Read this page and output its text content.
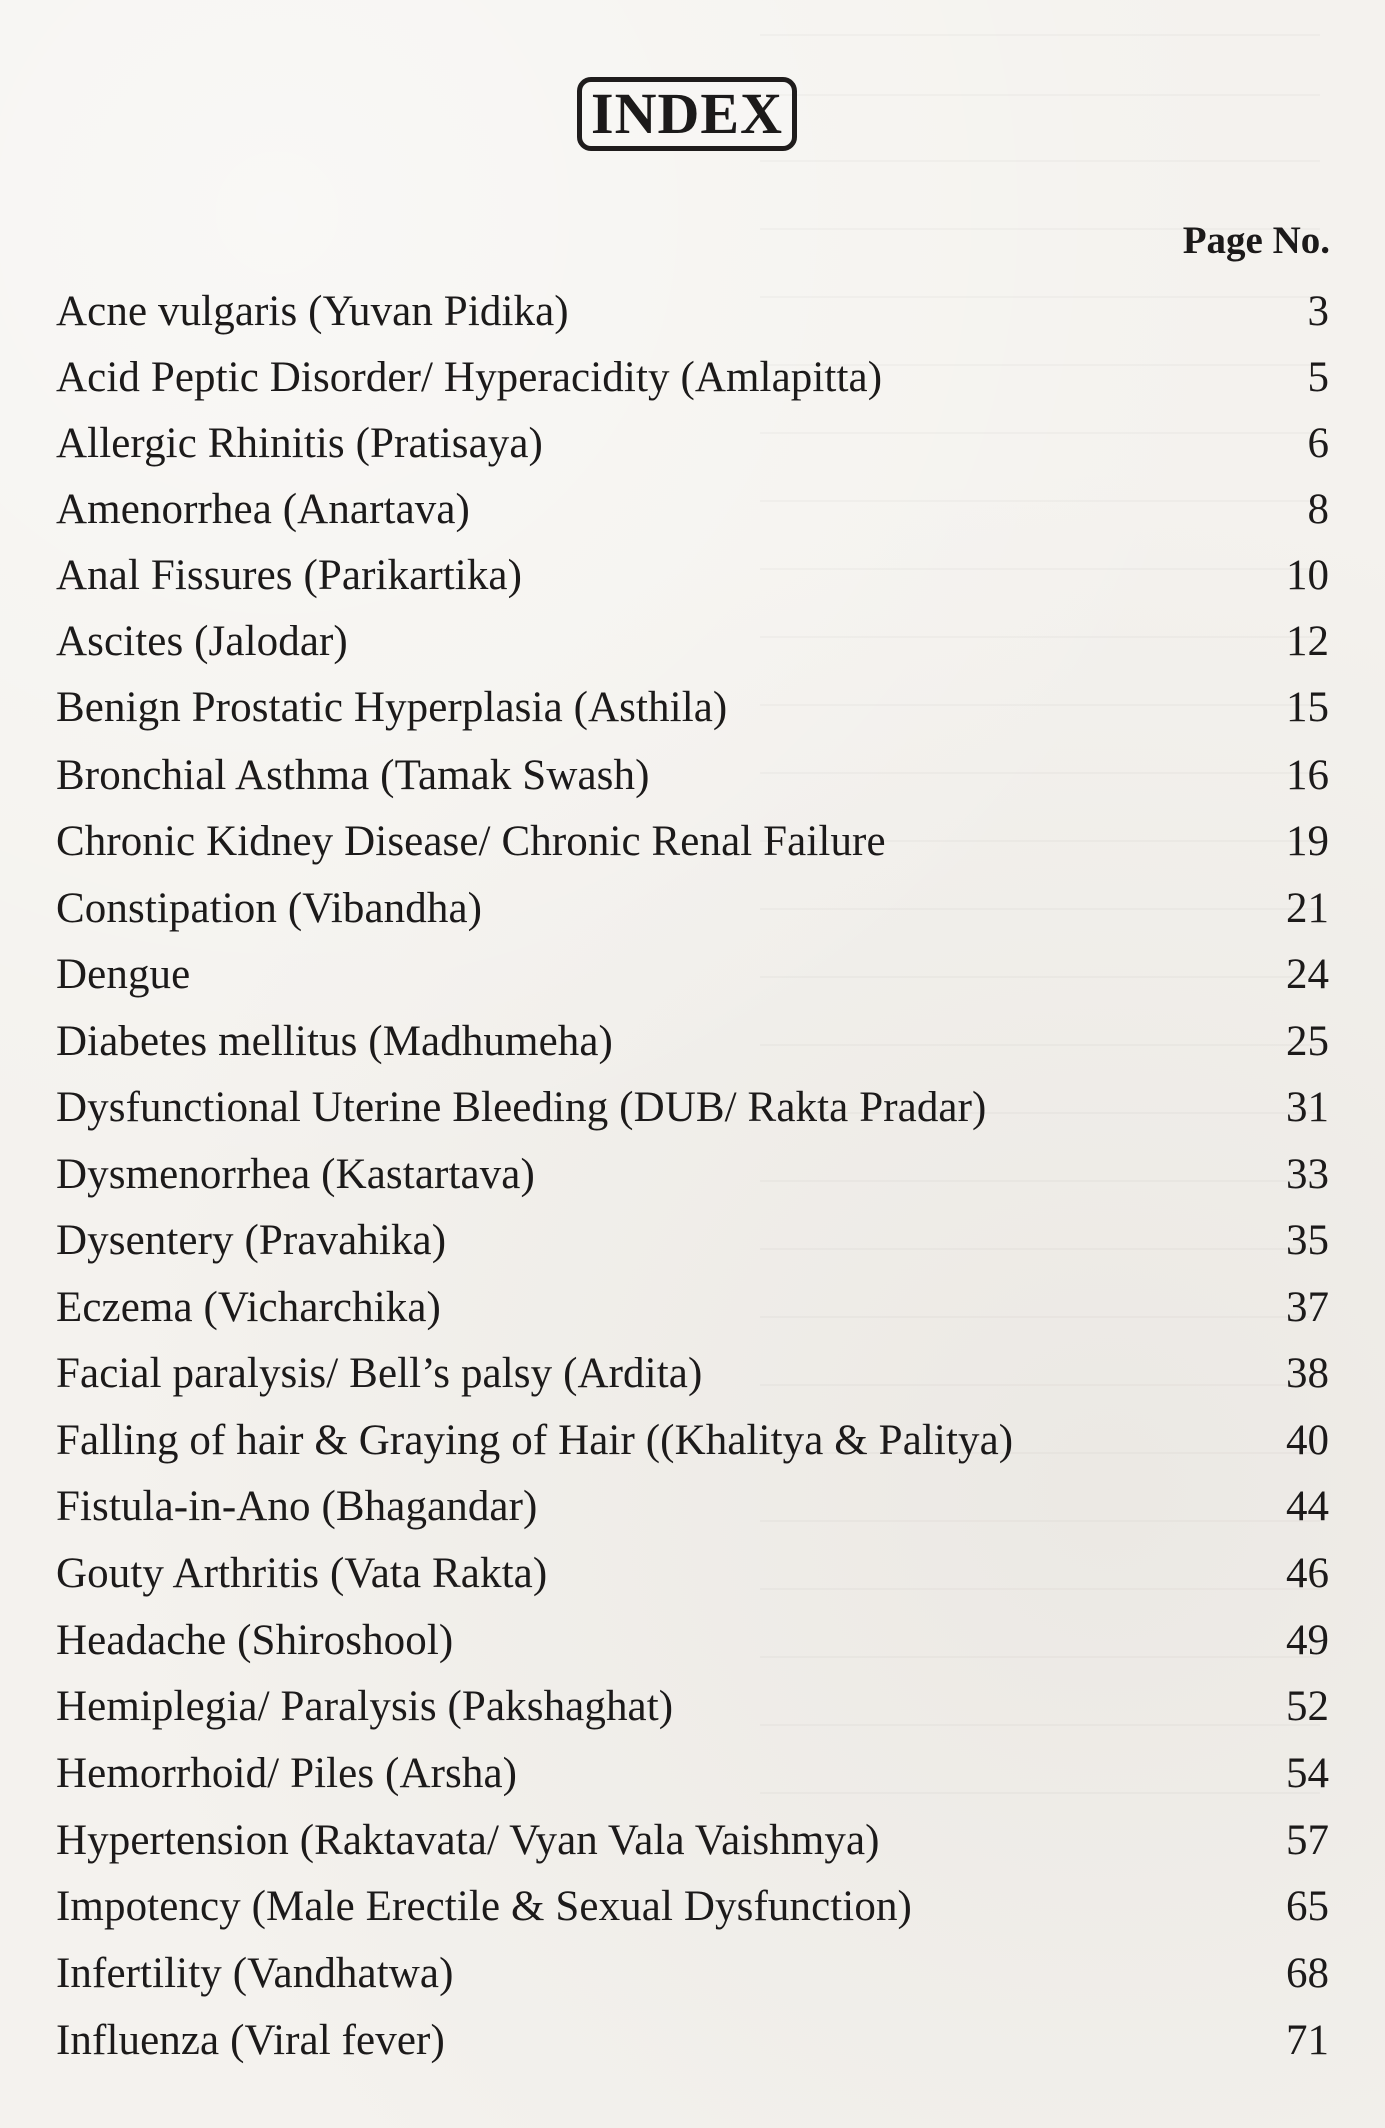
INDEX
Page No.
Acne vulgaris (Yuvan Pidika)	3
Acid Peptic Disorder/ Hyperacidity (Amlapitta)	5
Allergic Rhinitis (Pratisaya)	6
Amenorrhea (Anartava)	8
Anal Fissures (Parikartika)	10
Ascites (Jalodar)	12
Benign Prostatic Hyperplasia (Asthila)	15
Bronchial Asthma (Tamak Swash)	16
Chronic Kidney Disease/ Chronic Renal Failure	19
Constipation (Vibandha)	21
Dengue	24
Diabetes mellitus (Madhumeha)	25
Dysfunctional Uterine Bleeding (DUB/ Rakta Pradar)	31
Dysmenorrhea (Kastartava)	33
Dysentery (Pravahika)	35
Eczema (Vicharchika)	37
Facial paralysis/ Bell’s palsy (Ardita)	38
Falling of hair & Graying of Hair ((Khalitya & Palitya)	40
Fistula-in-Ano (Bhagandar)	44
Gouty Arthritis (Vata Rakta)	46
Headache (Shiroshool)	49
Hemiplegia/ Paralysis (Pakshaghat)	52
Hemorrhoid/ Piles (Arsha)	54
Hypertension (Raktavata/ Vyan Vala Vaishmya)	57
Impotency (Male Erectile & Sexual Dysfunction)	65
Infertility (Vandhatwa)	68
Influenza (Viral fever)	71
